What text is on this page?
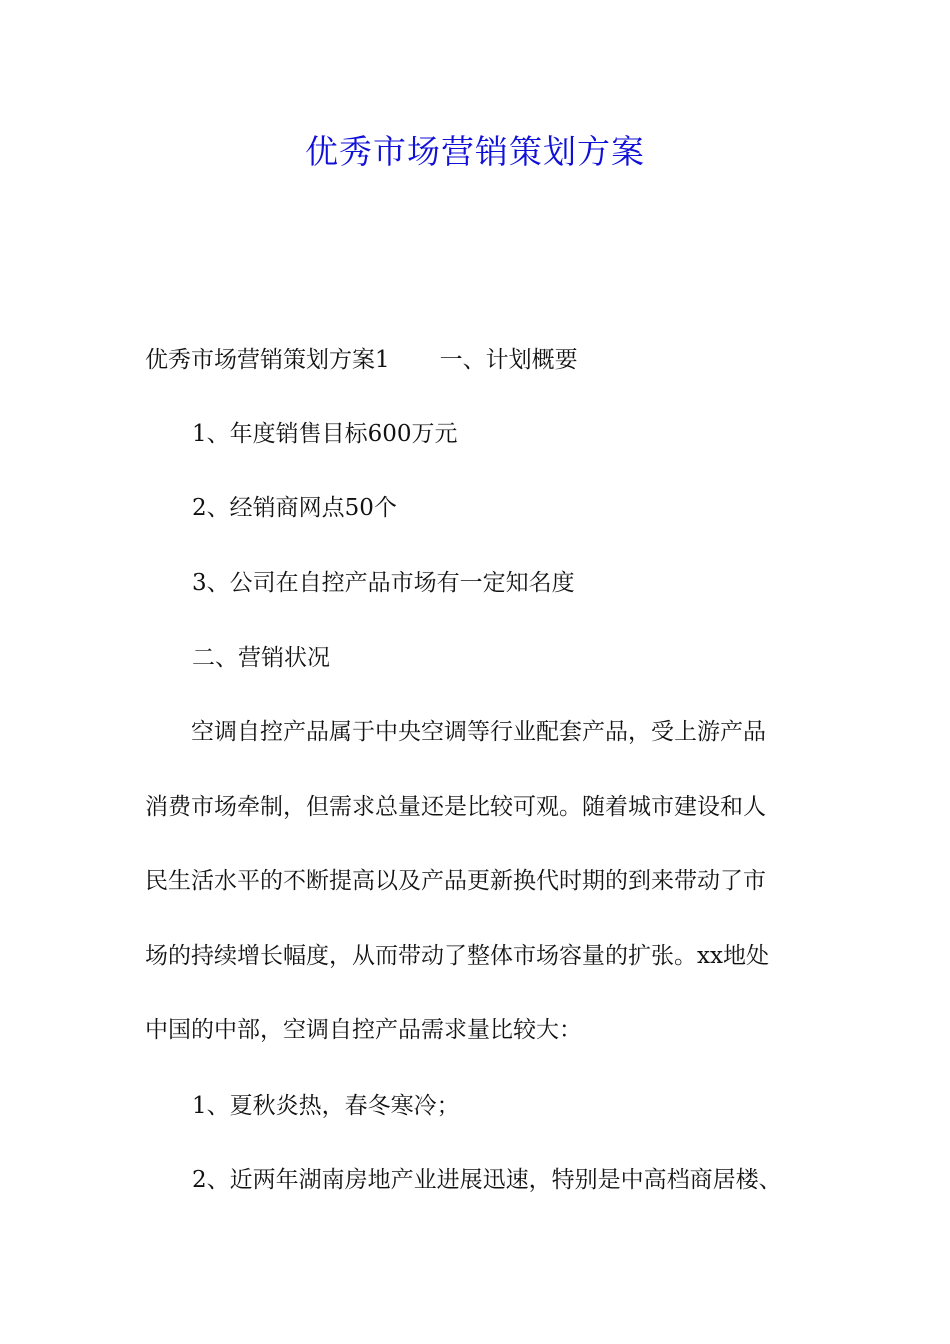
优秀市场营销策划方案
优秀市场营销策划方案1 一、计划概要
1、年度销售目标600万元
2、经销商网点50个
3、公司在自控产品市场有一定知名度
二、营销状况
　　空调自控产品属于中央空调等行业配套产品，受上游产品
消费市场牵制，但需求总量还是比较可观。随着城市建设和人
民生活水平的不断提高以及产品更新换代时期的到来带动了市
场的持续增长幅度，从而带动了整体市场容量的扩张。xx地处
中国的中部，空调自控产品需求量比较大：
1、夏秋炎热，春冬寒冷；
2、近两年湖南房地产业进展迅速，特别是中高档商居楼、
